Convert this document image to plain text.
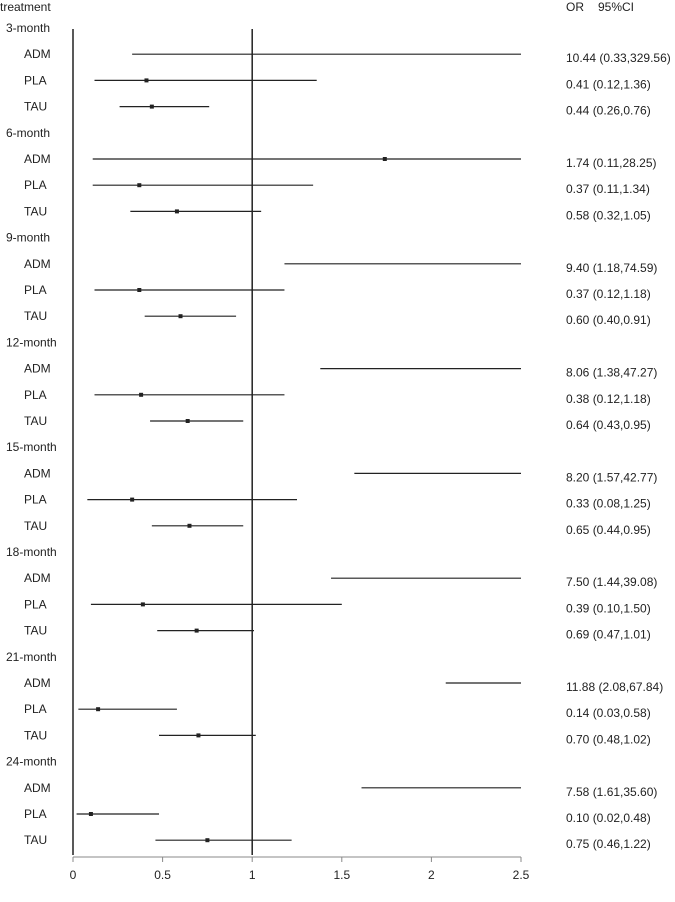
treatment	OR 95%CI
3-month
ADM	10.44 (0.33,329.56)
PLA	0.41 (0.12,1.36)
TAU	0.44 (0.26,0.76)
6-month
ADM	1.74 (0.11,28.25)
PLA	0.37 (0.11,1.34)
TAU	0.58 (0.32,1.05)
9-month
ADM	9.40 (1.18,74.59)
PLA	0.37 (0.12,1.18)
TAU	0.60 (0.40,0.91)
12-month
ADM	8.06 (1.38,47.27)
PLA	0.38 (0.12,1.18)
TAU	0.64 (0.43,0.95)
15-month
ADM	8.20 (1.57,42.77)
PLA	0.33 (0.08,1.25)
TAU	0.65 (0.44,0.95)
18-month
ADM	7.50 (1.44,39.08)
PLA	0.39 (0.10,1.50)
TAU	0.69 (0.47,1.01)
21-month
ADM	11.88 (2.08,67.84)
PLA	0.14 (0.03,0.58)
TAU	0.70 (0.48,1.02)
24-month
ADM	7.58 (1.61,35.60)
PLA	0.10 (0.02,0.48)
TAU	0.75 (0.46,1.22)
0	0.5	1	1.5	2	2.5
